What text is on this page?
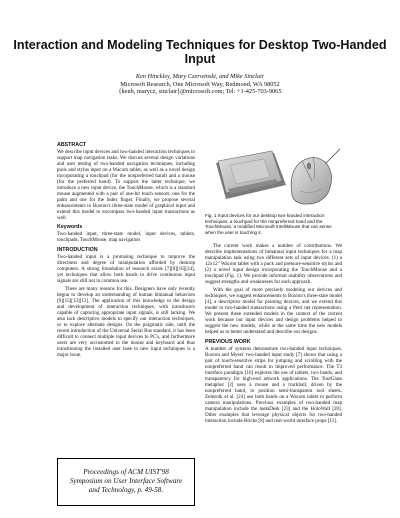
Interaction and Modeling Techniques for Desktop Two-Handed Input
Ken Hinckley, Mary Czerwinski, and Mike Sinclair
Microsoft Research, One Microsoft Way, Redmond, WA 98052
{kenh, marycz, sinclair}@microsoft.com; Tel: +1-425-703-9065
ABSTRACT

We describe input devices and two-handed interaction techniques to support map navigation tasks. We discuss several design variations and user testing of two-handed navigation techniques, including puck and stylus input on a Wacom tablet, as well as a novel design incorporating a touchpad (for the nonpreferred hand) and a mouse (for the preferred hand). To support the latter technique, we introduce a new input device, the TouchMouse, which is a standard mouse augmented with a pair of one-bit touch sensors, one for the palm and one for the index finger. Finally, we propose several enhancements to Buxton's three-state model of graphical input and extend this model to encompass two-handed input transactions as well.

Keywords

Two-handed input, three-state model, input devices, tablets, touchpads, TouchMouse, map navigation

INTRODUCTION

Two-handed input is a promising technique to improve the directness and degree of manipulation afforded by desktop computers. A strong foundation of research exists [7][8][16][24], yet techniques that allow both hands to drive continuous input signals are still not in common use.

There are many reasons for this. Designers have only recently begun to develop an understanding of human bimanual behaviors [9][15][13][12]. The application of this knowledge to the design and development of interaction techniques, with transducers capable of capturing appropriate input signals, is still lacking. We also lack descriptive models to specify our interaction techniques, or to explore alternate designs. On the pragmatic side, until the recent introduction of the Universal Serial Bus standard, it has been difficult to connect multiple input devices to PC's, and furthermore users are very accustomed to the mouse and keyboard and thus transitioning the installed user base to new input techniques is a major issue.

Proceedings of ACM UIST'98
Symposium on User Interface Software
and Technology, p. 49-58.
Fig. 1 Input devices for our desktop two-handed interaction techniques: a touchpad for the nonpreferred hand and the TouchMouse, a modified Microsoft IntelliMouse that can sense when the user is touching it.

The current work makes a number of contributions. We describe implementations of bimanual input techniques for a map manipulation task using two different sets of input devices: (1) a 12x12" Wacom tablet with a puck and pressure-sensitive stylus and (2) a novel input design incorporating the TouchMouse and a touchpad (Fig. 1). We provide informal usability observations and suggest strengths and weaknesses for each approach.

With the goal of more precisely modeling our devices and techniques, we suggest enhancements to Buxton's three-state model [4], a descriptive model for pointing devices, and we extend this model to two-handed transactions using a Petri net representation. We present these extended models in the context of the current work because our input devices and design problems helped to suggest the new models, while at the same time the new models helped us to better understand and describe our designs.

PREVIOUS WORK

A number of systems demonstrate two-handed input techniques. Buxton and Myers' two-handed input study [7] shows that using a pair of touch-sensitive strips for jumping and scrolling with the nonpreferred hand can result in improved performance. The T3 interface paradigm [16] explores the use of tablets, two hands, and transparency for high-end artwork applications. The ToolGlass metaphor [2] uses a mouse and a trackball, driven by the nonpreferred hand, to position semi-transparent tool sheets. Zeleznik et al. [24] use both hands on a Wacom tablet to perform camera manipulations. Previous examples of two-handed map manipulation include the metaDesk [23] and the HoloWall [20]. Other examples that leverage physical objects for two-handed interaction include Bricks [8] and real-world interface props [11].
